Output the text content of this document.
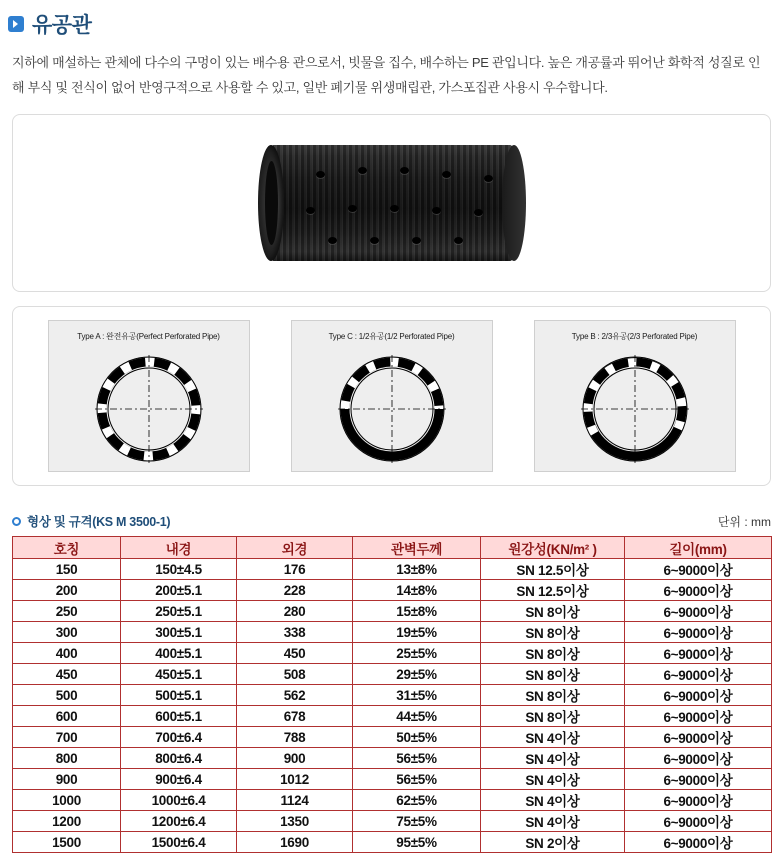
유공관
지하에 매설하는 관체에 다수의 구멍이 있는 배수용 관으로서, 빗물을 집수, 배수하는 PE 관입니다. 높은 개공률과 뛰어난 화학적 성질로 인해 부식 및 전식이 없어 반영구적으로 사용할 수 있고, 일반 폐기물 위생매립관, 가스포집관 사용시 우수합니다.
Type A : 완전유공(Perfect Perforated Pipe)	Type C : 1/2유공(1/2 Perforated Pipe)	Type B : 2/3유공(2/3 Perforated Pipe)
형상 및 규격(KS M 3500-1)	단위 : mm
호칭	내경	외경	관벽두께	원강성(KN/m² )	길이(mm)
150	150±4.5	176	13±8%	SN 12.5이상	6~9000이상
200	200±5.1	228	14±8%	SN 12.5이상	6~9000이상
250	250±5.1	280	15±8%	SN 8이상	6~9000이상
300	300±5.1	338	19±5%	SN 8이상	6~9000이상
400	400±5.1	450	25±5%	SN 8이상	6~9000이상
450	450±5.1	508	29±5%	SN 8이상	6~9000이상
500	500±5.1	562	31±5%	SN 8이상	6~9000이상
600	600±5.1	678	44±5%	SN 8이상	6~9000이상
700	700±6.4	788	50±5%	SN 4이상	6~9000이상
800	800±6.4	900	56±5%	SN 4이상	6~9000이상
900	900±6.4	1012	56±5%	SN 4이상	6~9000이상
1000	1000±6.4	1124	62±5%	SN 4이상	6~9000이상
1200	1200±6.4	1350	75±5%	SN 4이상	6~9000이상
1500	1500±6.4	1690	95±5%	SN 2이상	6~9000이상
